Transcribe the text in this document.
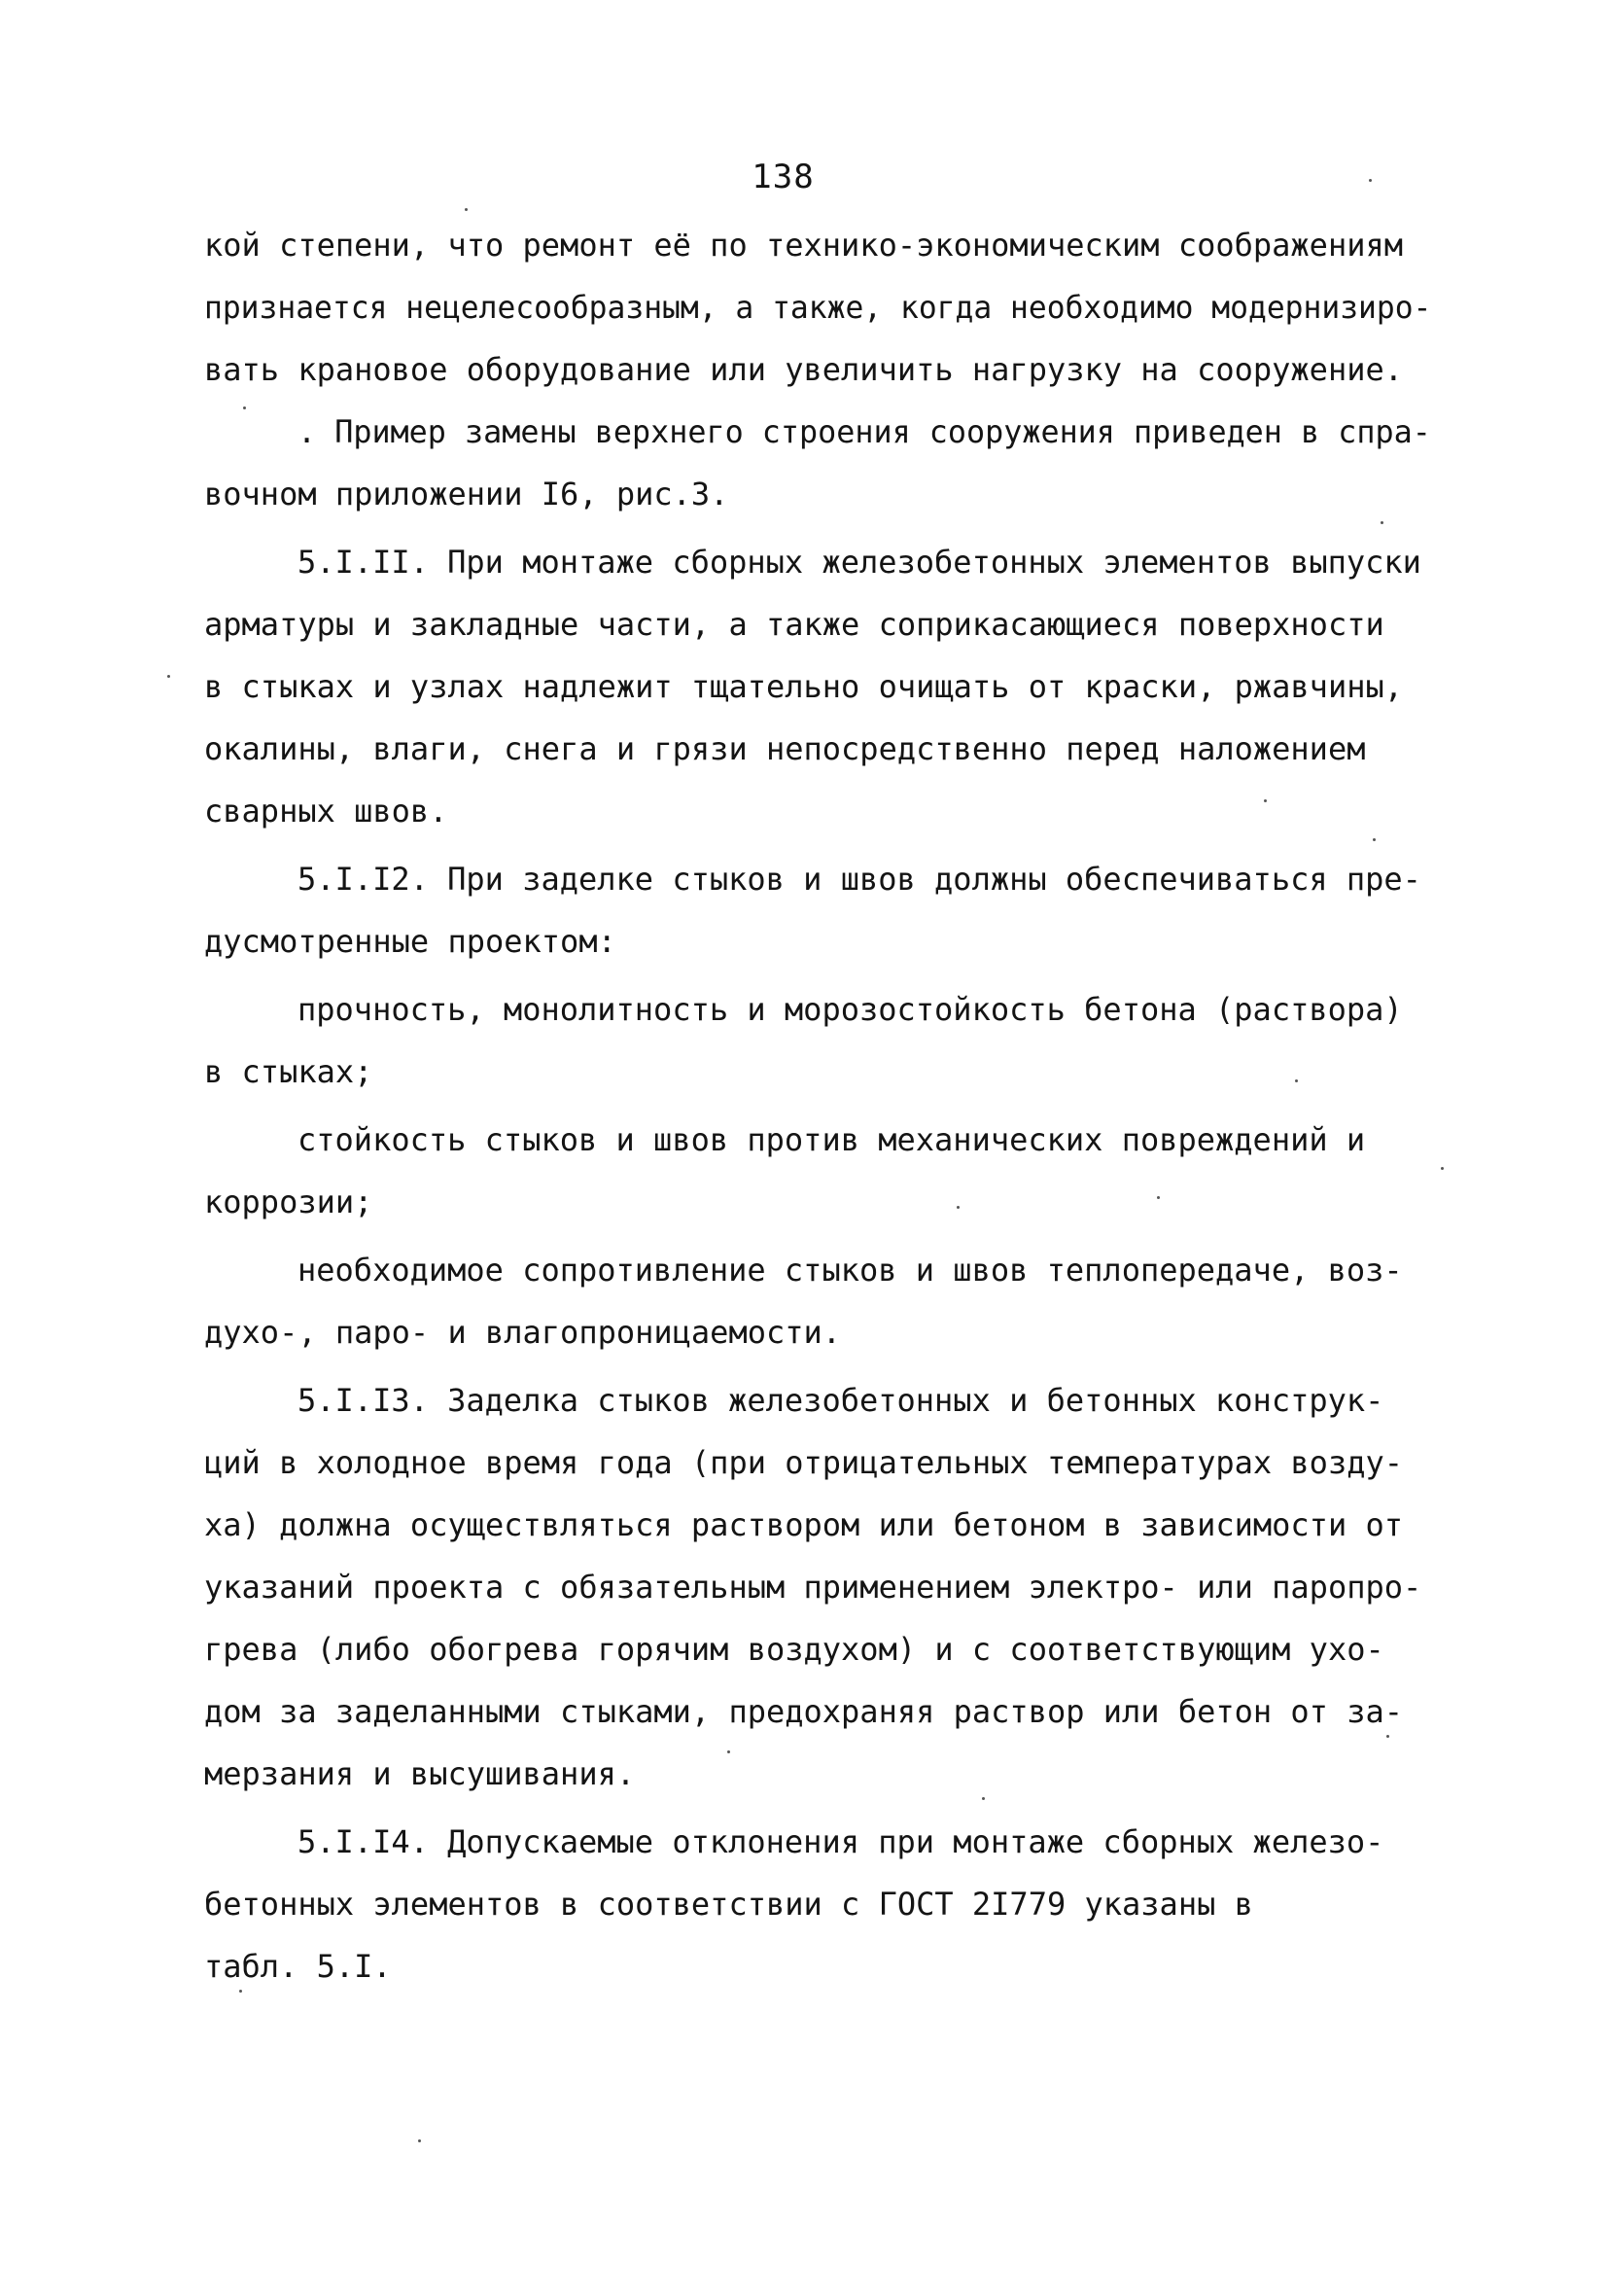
138
кой степени, что ремонт её по технико-экономическим соображениям
признается нецелесообразным, а также, когда необходимо модернизиро-
вать крановое оборудование или увеличить нагрузку на сооружение.
. Пример замены верхнего строения сооружения приведен в спра-
вочном приложении I6, рис.3.
5.I.II. При монтаже сборных железобетонных элементов выпуски
арматуры и закладные части, а также соприкасающиеся поверхности
в стыках и узлах надлежит тщательно очищать от краски, ржавчины,
окалины, влаги, снега и грязи непосредственно перед наложением
сварных швов.
5.I.I2. При заделке стыков и швов должны обеспечиваться пре-
дусмотренные проектом:
прочность, монолитность и морозостойкость бетона (раствора)
в стыках;
стойкость стыков и швов против механических повреждений и
коррозии;
необходимое сопротивление стыков и швов теплопередаче, воз-
духо-, паро- и влагопроницаемости.
5.I.I3. Заделка стыков железобетонных и бетонных конструк-
ций в холодное время года (при отрицательных температурах возду-
ха) должна осуществляться раствором или бетоном в зависимости от
указаний проекта с обязательным применением электро- или паропро-
грева (либо обогрева горячим воздухом) и с соответствующим ухо-
дом за заделанными стыками, предохраняя раствор или бетон от за-
мерзания и высушивания.
5.I.I4. Допускаемые отклонения при монтаже сборных железо-
бетонных элементов в соответствии с ГОСТ 2I779 указаны в
табл. 5.I.
